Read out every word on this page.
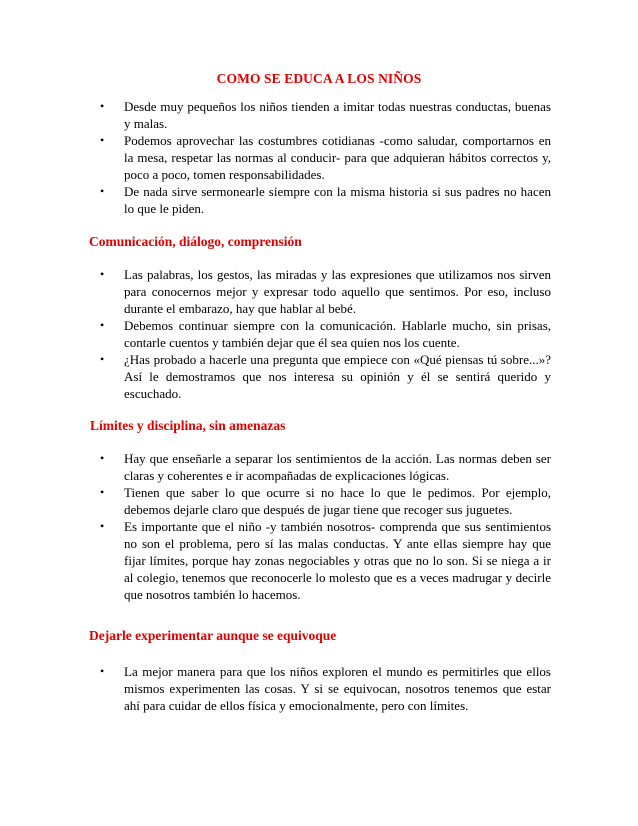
COMO SE EDUCA A LOS NIÑOS
• Desde muy pequeños los niños tienden a imitar todas nuestras conductas, buenas y malas.
• Podemos aprovechar las costumbres cotidianas -como saludar, comportarnos en la mesa, respetar las normas al conducir- para que adquieran hábitos correctos y, poco a poco, tomen responsabilidades.
• De nada sirve sermonearle siempre con la misma historia si sus padres no hacen lo que le piden.
Comunicación, diálogo, comprensión
• Las palabras, los gestos, las miradas y las expresiones que utilizamos nos sirven para conocernos mejor y expresar todo aquello que sentimos. Por eso, incluso durante el embarazo, hay que hablar al bebé.
• Debemos continuar siempre con la comunicación. Hablarle mucho, sin prisas, contarle cuentos y también dejar que él sea quien nos los cuente.
• ¿Has probado a hacerle una pregunta que empiece con «Qué piensas tú sobre...»? Así le demostramos que nos interesa su opinión y él se sentirá querido y escuchado.
Límites y disciplina, sin amenazas
• Hay que enseñarle a separar los sentimientos de la acción. Las normas deben ser claras y coherentes e ir acompañadas de explicaciones lógicas.
• Tienen que saber lo que ocurre si no hace lo que le pedimos. Por ejemplo, debemos dejarle claro que después de jugar tiene que recoger sus juguetes.
• Es importante que el niño -y también nosotros- comprenda que sus sentimientos no son el problema, pero sí las malas conductas. Y ante ellas siempre hay que fijar límites, porque hay zonas negociables y otras que no lo son. Si se niega a ir al colegio, tenemos que reconocerle lo molesto que es a veces madrugar y decirle que nosotros también lo hacemos.
Dejarle experimentar aunque se equivoque
• La mejor manera para que los niños exploren el mundo es permitirles que ellos mismos experimenten las cosas. Y si se equivocan, nosotros tenemos que estar ahí para cuidar de ellos física y emocionalmente, pero con límites.
